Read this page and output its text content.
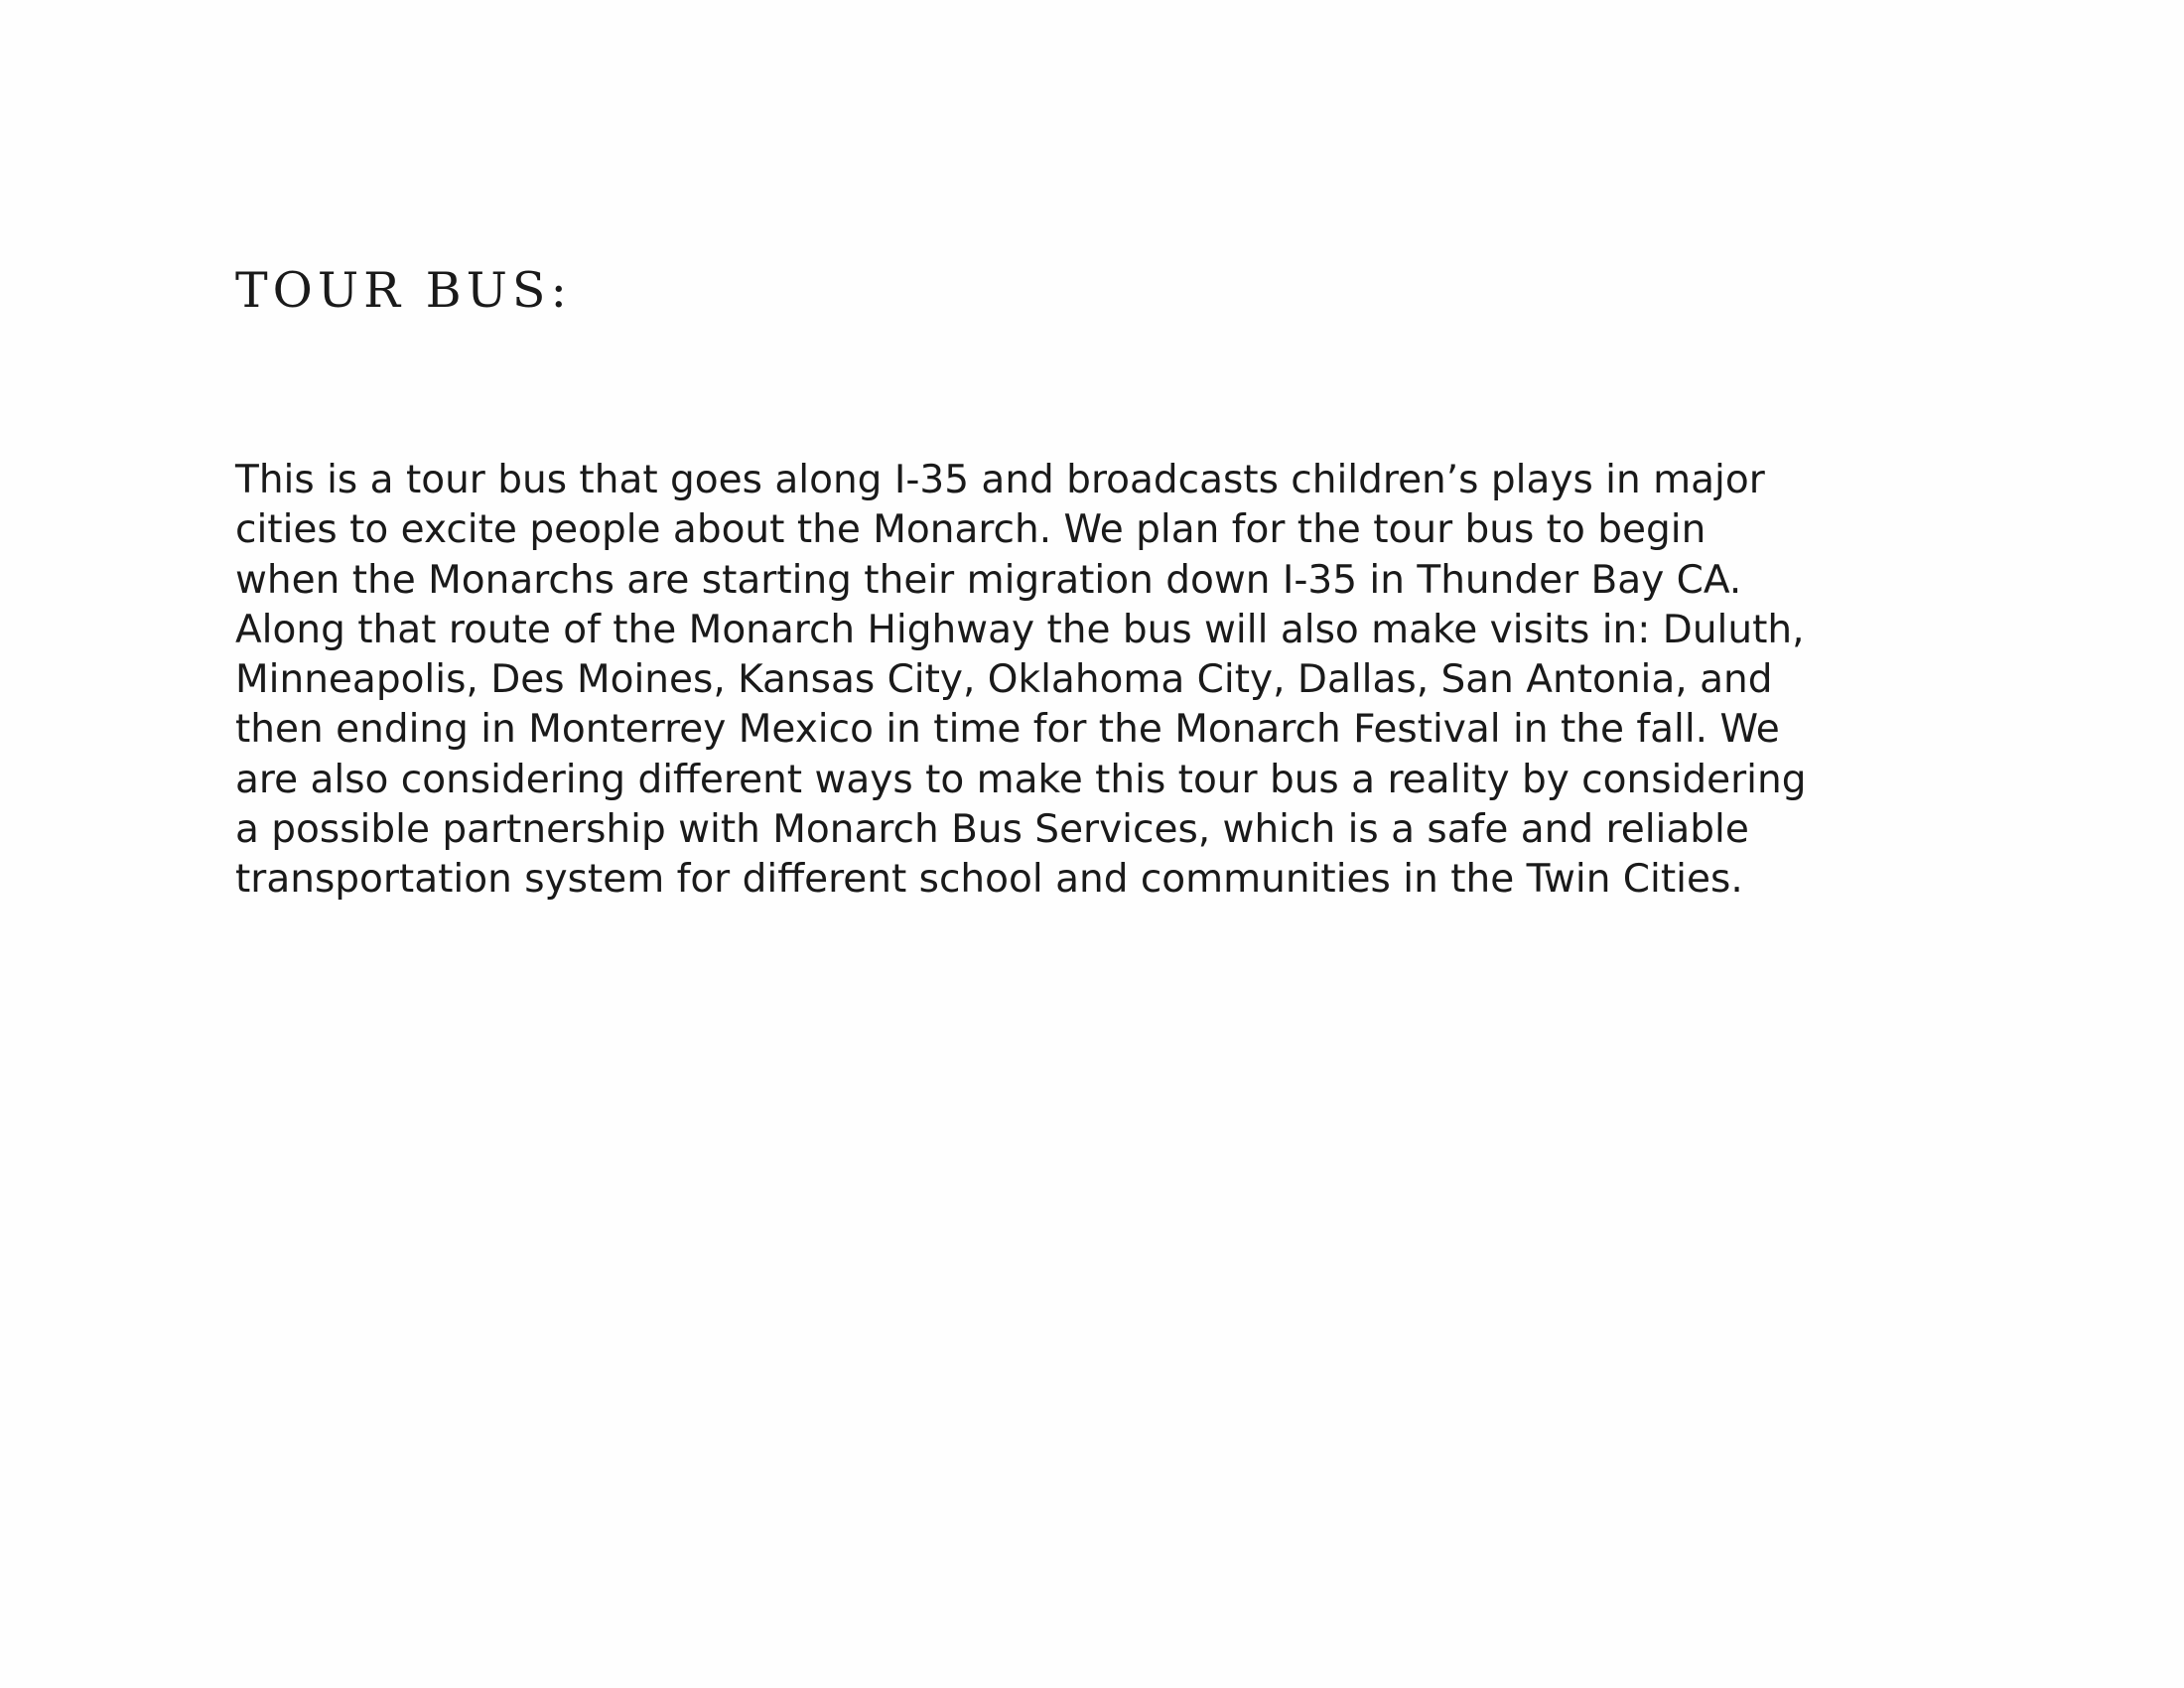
TOUR BUS:

This is a tour bus that goes along I-35 and broadcasts children’s plays in major
cities to excite people about the Monarch. We plan for the tour bus to begin
when the Monarchs are starting their migration down I-35 in Thunder Bay CA.
Along that route of the Monarch Highway the bus will also make visits in: Duluth,
Minneapolis, Des Moines, Kansas City, Oklahoma City, Dallas, San Antonia, and
then ending in Monterrey Mexico in time for the Monarch Festival in the fall. We
are also considering different ways to make this tour bus a reality by considering
a possible partnership with Monarch Bus Services, which is a safe and reliable
transportation system for different school and communities in the Twin Cities.
